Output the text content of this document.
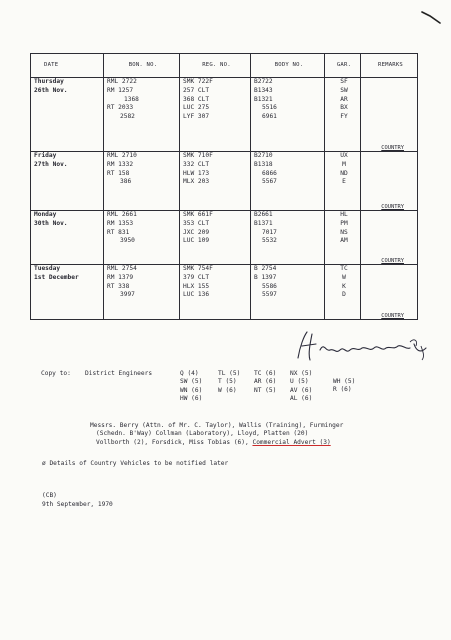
DATE	BON. NO.	REG. NO.	BODY NO.	GAR.	REMARKS

Thursday
26th Nov.	RML 2722
RM 1257
1368
RT 2033
2582	SMK 722F
257 CLT
368 CLT
LUC 275
LYF 307	B2722
B1343
B1321
5516
6961	SF
SW
AR
BX
FY	COUNTRY

Friday
27th Nov.	RML 2710
RM 1332
RT 158
386	SMK 710F
332 CLT
HLW 173
MLX 203	B2710
B1318
6866
5567	UX
M
ND
E	COUNTRY

Monday
30th Nov.	RML 2661
RM 1353
RT 831
3950	SMK 661F
353 CLT
JXC 209
LUC 109	B2661
B1371
7017
5532	HL
PM
NS
AM	COUNTRY

Tuesday
1st December	RML 2754
RM 1379
RT 338
3997	SMK 754F
379 CLT
HLX 155
LUC 136	B 2754
B 1397
5586
5597	TC
W
K
D	COUNTRY
Copy to: District Engineers	Q (4)
SW (5)
WN (6)
HW (6)
TL (5)
T (5)
W (6)
TC (6)
AR (6)
NT (5)
NX (5)
U (5)
AV (6)
AL (6)
WH (5)
R (6)
Messrs. Berry (Attn. of Mr. C. Taylor), Wallis (Training), Furminger
(Schedn. B'Way) Collman (Laboratory), Lloyd, Platten (20)
Vollborth (2), Forsdick, Miss Tobias (6), Commercial Advert (3)
ø Details of Country Vehicles to be notified later
(CB)
9th September, 1970
